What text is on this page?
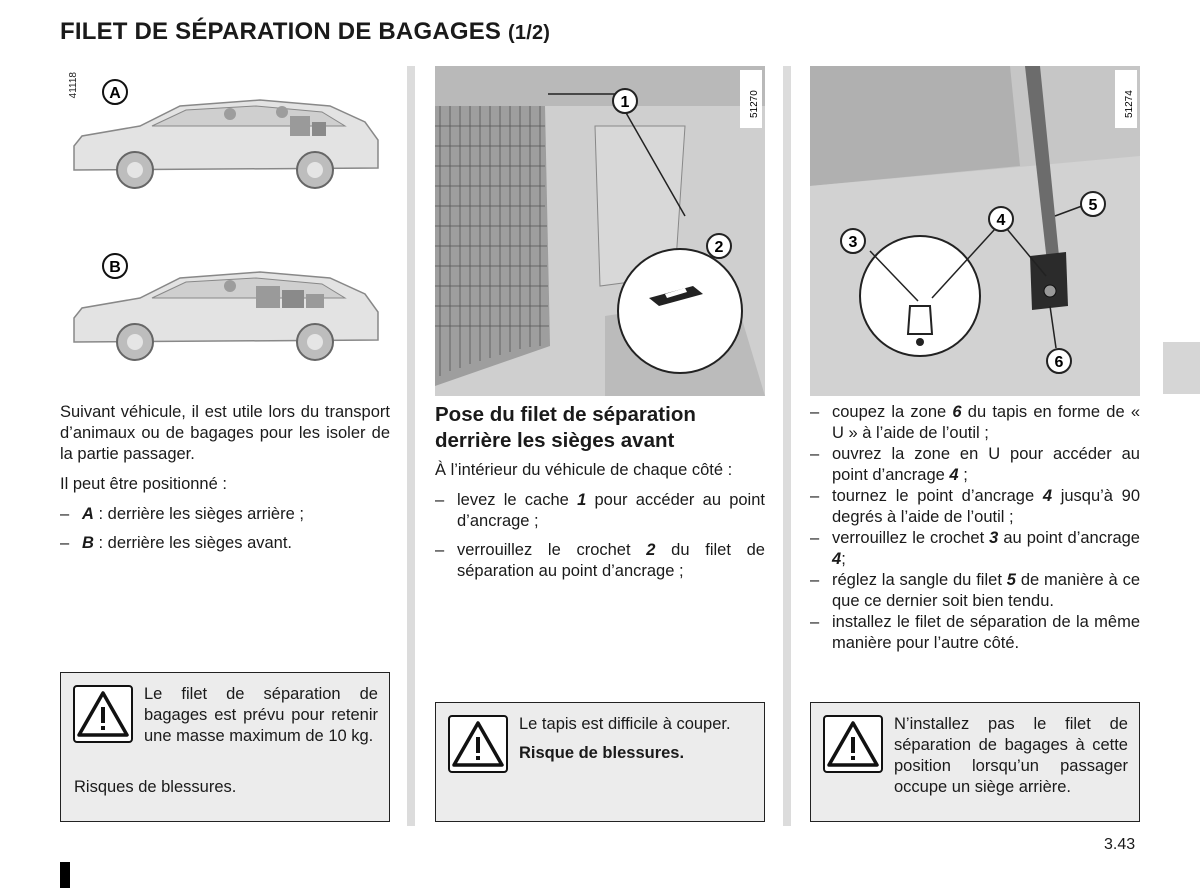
FILET DE SÉPARATION DE BAGAGES (1/2)
41118 A
B

Suivant véhicule, il est utile lors du transport d’animaux ou de bagages pour les isoler de la partie passager.

Il peut être positionné :

– A : derrière les sièges arrière ;
– B : derrière les sièges avant.

Le filet de séparation de bagages est prévu pour retenir une masse maximum de 10 kg.

Risques de blessures.

1
2
51270
Pose du filet de séparation derrière les sièges avant

À l’intérieur du véhicule de chaque côté :

– levez le cache 1 pour accéder au point d’ancrage ;
– verrouillez le crochet 2 du filet de séparation au point d’ancrage ;

Le tapis est difficile à couper.

Risque de blessures.

3
4
5
6
51274
– coupez la zone 6 du tapis en forme de « U » à l’aide de l’outil ;
– ouvrez la zone en U pour accéder au point d’ancrage 4 ;
– tournez le point d’ancrage 4 jusqu’à 90 degrés à l’aide de l’outil ;
– verrouillez le crochet 3 au point d’ancrage 4;
– réglez la sangle du filet 5 de manière à ce que ce dernier soit bien tendu.
– installez le filet de séparation de la même manière pour l’autre côté.

N’installez pas le filet de séparation de bagages à cette position lorsqu’un passager occupe un siège arrière.

3.43
